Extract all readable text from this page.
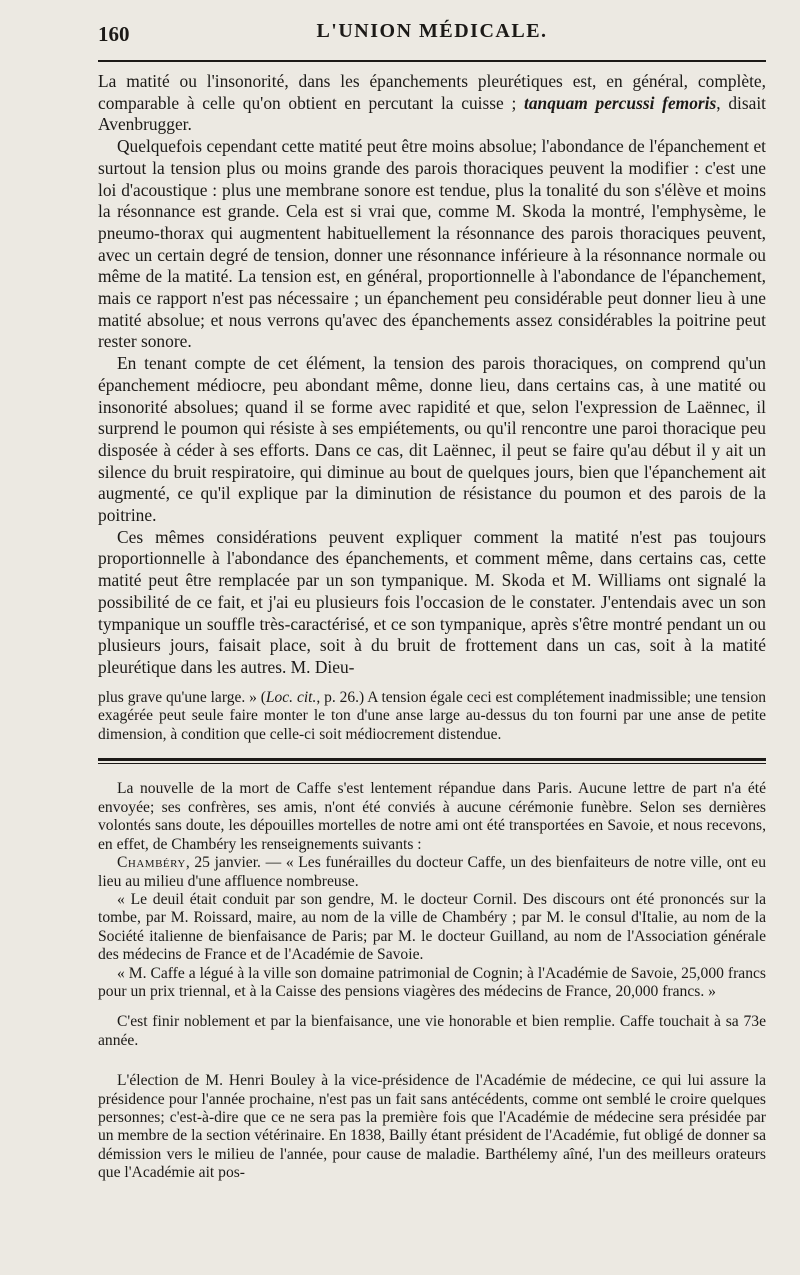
160	L'UNION MÉDICALE.

La matité ou l'insonorité, dans les épanchements pleurétiques est, en général, complète, comparable à celle qu'on obtient en percutant la cuisse ; tanquam percussi femoris, disait Avenbrugger.

Quelquefois cependant cette matité peut être moins absolue; l'abondance de l'épanchement et surtout la tension plus ou moins grande des parois thoraciques peuvent la modifier : c'est une loi d'acoustique : plus une membrane sonore est tendue, plus la tonalité du son s'élève et moins la résonnance est grande. Cela est si vrai que, comme M. Skoda la montré, l'emphysème, le pneumo-thorax qui augmentent habituellement la résonnance des parois thoraciques peuvent, avec un certain degré de tension, donner une résonnance inférieure à la résonnance normale ou même de la matité. La tension est, en général, proportionnelle à l'abondance de l'épanchement, mais ce rapport n'est pas nécessaire ; un épanchement peu considérable peut donner lieu à une matité absolue; et nous verrons qu'avec des épanchements assez considérables la poitrine peut rester sonore.

En tenant compte de cet élément, la tension des parois thoraciques, on comprend qu'un épanchement médiocre, peu abondant même, donne lieu, dans certains cas, à une matité ou insonorité absolues; quand il se forme avec rapidité et que, selon l'expression de Laënnec, il surprend le poumon qui résiste à ses empiétements, ou qu'il rencontre une paroi thoracique peu disposée à céder à ses efforts. Dans ce cas, dit Laënnec, il peut se faire qu'au début il y ait un silence du bruit respiratoire, qui diminue au bout de quelques jours, bien que l'épanchement ait augmenté, ce qu'il explique par la diminution de résistance du poumon et des parois de la poitrine.

Ces mêmes considérations peuvent expliquer comment la matité n'est pas toujours proportionnelle à l'abondance des épanchements, et comment même, dans certains cas, cette matité peut être remplacée par un son tympanique. M. Skoda et M. Williams ont signalé la possibilité de ce fait, et j'ai eu plusieurs fois l'occasion de le constater. J'entendais avec un son tympanique un souffle très-caractérisé, et ce son tympanique, après s'être montré pendant un ou plusieurs jours, faisait place, soit à du bruit de frottement dans un cas, soit à la matité pleurétique dans les autres. M. Dieu-

plus grave qu'une large. » (Loc. cit., p. 26.) A tension égale ceci est complétement inadmissible; une tension exagérée peut seule faire monter le ton d'une anse large au-dessus du ton fourni par une anse de petite dimension, à condition que celle-ci soit médiocrement distendue.

La nouvelle de la mort de Caffe s'est lentement répandue dans Paris. Aucune lettre de part n'a été envoyée; ses confrères, ses amis, n'ont été conviés à aucune cérémonie funèbre. Selon ses dernières volontés sans doute, les dépouilles mortelles de notre ami ont été transportées en Savoie, et nous recevons, en effet, de Chambéry les renseignements suivants :

Chambéry, 25 janvier. — « Les funérailles du docteur Caffe, un des bienfaiteurs de notre ville, ont eu lieu au milieu d'une affluence nombreuse.

« Le deuil était conduit par son gendre, M. le docteur Cornil. Des discours ont été prononcés sur la tombe, par M. Roissard, maire, au nom de la ville de Chambéry ; par M. le consul d'Italie, au nom de la Société italienne de bienfaisance de Paris; par M. le docteur Guilland, au nom de l'Association générale des médecins de France et de l'Académie de Savoie.

« M. Caffe a légué à la ville son domaine patrimonial de Cognin; à l'Académie de Savoie, 25,000 francs pour un prix triennal, et à la Caisse des pensions viagères des médecins de France, 20,000 francs. »

C'est finir noblement et par la bienfaisance, une vie honorable et bien remplie. Caffe touchait à sa 73e année.

L'élection de M. Henri Bouley à la vice-présidence de l'Académie de médecine, ce qui lui assure la présidence pour l'année prochaine, n'est pas un fait sans antécédents, comme ont semblé le croire quelques personnes; c'est-à-dire que ce ne sera pas la première fois que l'Académie de médecine sera présidée par un membre de la section vétérinaire. En 1838, Bailly étant président de l'Académie, fut obligé de donner sa démission vers le milieu de l'année, pour cause de maladie. Barthélemy aîné, l'un des meilleurs orateurs que l'Académie ait pos-
